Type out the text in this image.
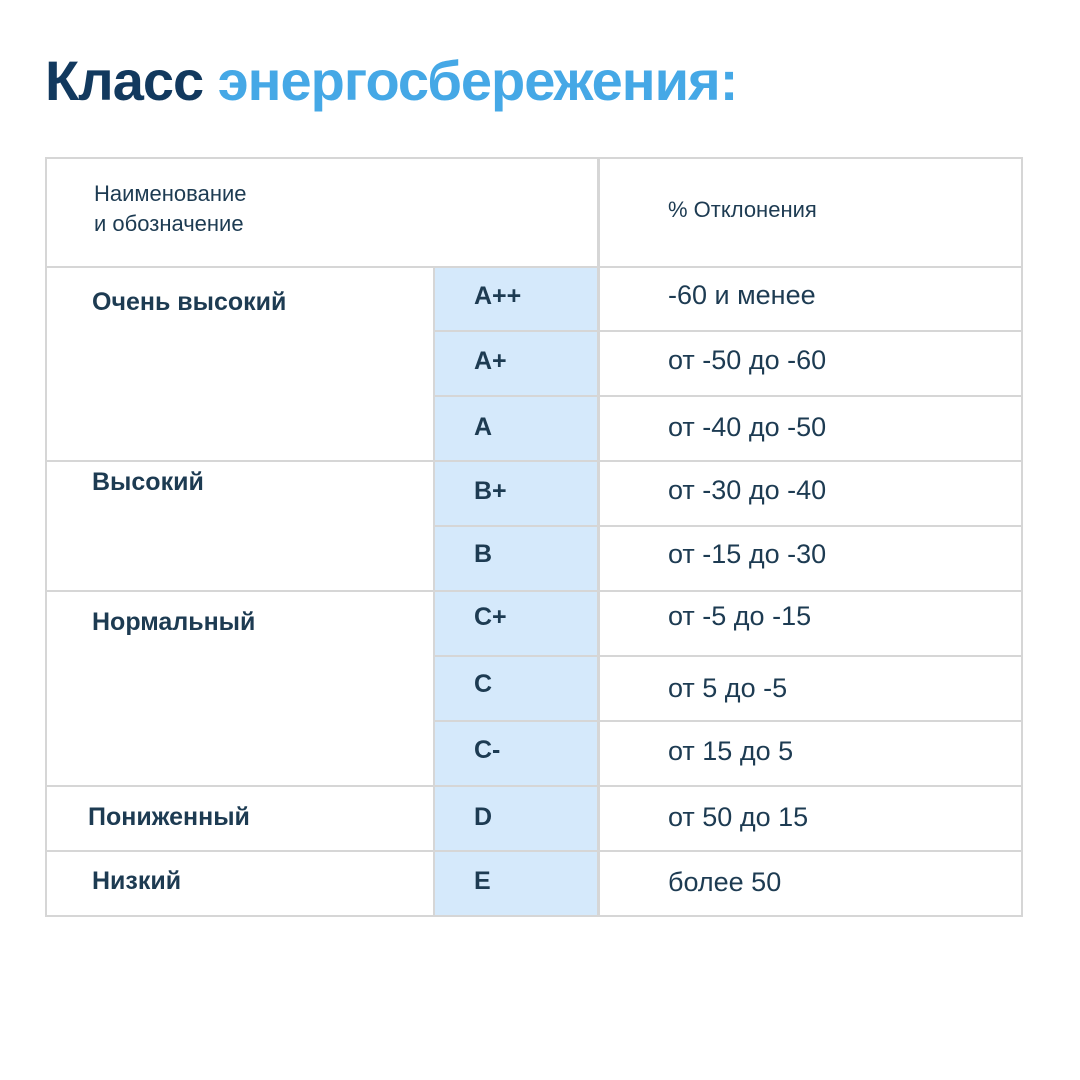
Класс энергосбережения:
Наименование
и обозначение
% Отклонения
Очень высокий
Высокий
Нормальный
Пониженный
Низкий
A++
A+
A
B+
B
C+
C
C-
D
E
-60 и менее
от -50 до -60
от -40 до -50
от -30 до -40
от -15 до -30
от -5 до -15
от 5 до -5
от 15 до 5
от 50 до 15
более 50
